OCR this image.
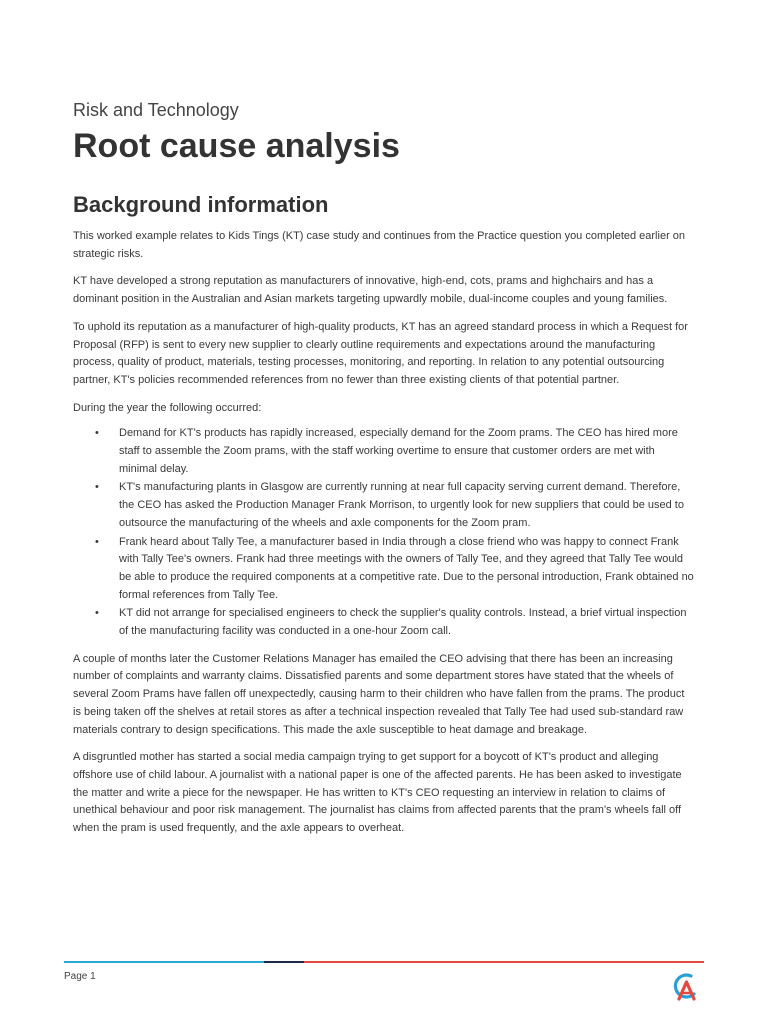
Risk and Technology

Root cause analysis
Background information

This worked example relates to Kids Tings (KT) case study and continues from the Practice question you completed earlier on strategic risks.

KT have developed a strong reputation as manufacturers of innovative, high-end, cots, prams and highchairs and has a dominant position in the Australian and Asian markets targeting upwardly mobile, dual-income couples and young families.

To uphold its reputation as a manufacturer of high-quality products, KT has an agreed standard process in which a Request for Proposal (RFP) is sent to every new supplier to clearly outline requirements and expectations around the manufacturing process, quality of product, materials, testing processes, monitoring, and reporting. In relation to any potential outsourcing partner, KT's policies recommended references from no fewer than three existing clients of that potential partner.

During the year the following occurred:

• Demand for KT's products has rapidly increased, especially demand for the Zoom prams. The CEO has hired more staff to assemble the Zoom prams, with the staff working overtime to ensure that customer orders are met with minimal delay.
• KT's manufacturing plants in Glasgow are currently running at near full capacity serving current demand. Therefore, the CEO has asked the Production Manager Frank Morrison, to urgently look for new suppliers that could be used to outsource the manufacturing of the wheels and axle components for the Zoom pram.
• Frank heard about Tally Tee, a manufacturer based in India through a close friend who was happy to connect Frank with Tally Tee's owners. Frank had three meetings with the owners of Tally Tee, and they agreed that Tally Tee would be able to produce the required components at a competitive rate. Due to the personal introduction, Frank obtained no formal references from Tally Tee.
• KT did not arrange for specialised engineers to check the supplier's quality controls. Instead, a brief virtual inspection of the manufacturing facility was conducted in a one-hour Zoom call.

A couple of months later the Customer Relations Manager has emailed the CEO advising that there has been an increasing number of complaints and warranty claims. Dissatisfied parents and some department stores have stated that the wheels of several Zoom Prams have fallen off unexpectedly, causing harm to their children who have fallen from the prams. The product is being taken off the shelves at retail stores as after a technical inspection revealed that Tally Tee had used sub-standard raw materials contrary to design specifications. This made the axle susceptible to heat damage and breakage.

A disgruntled mother has started a social media campaign trying to get support for a boycott of KT's product and alleging offshore use of child labour. A journalist with a national paper is one of the affected parents. He has been asked to investigate the matter and write a piece for the newspaper. He has written to KT's CEO requesting an interview in relation to claims of unethical behaviour and poor risk management. The journalist has claims from affected parents that the pram's wheels fall off when the pram is used frequently, and the axle appears to overheat.

Page 1
